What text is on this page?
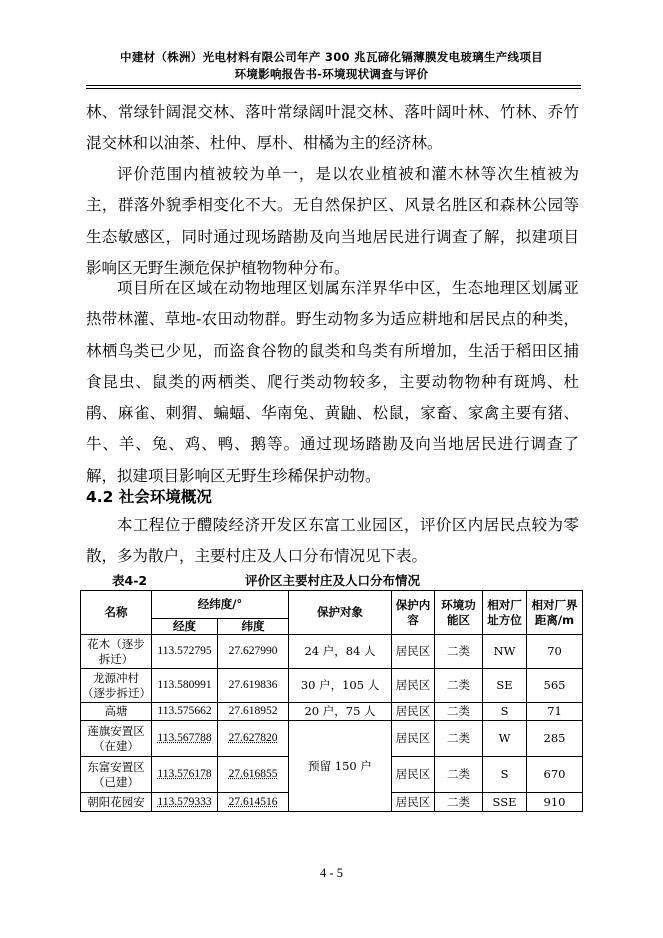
中建材（株洲）光电材料有限公司年产 300 兆瓦碲化镉薄膜发电玻璃生产线项目
环境影响报告书-环境现状调查与评价

林、常绿针阔混交林、落叶常绿阔叶混交林、落叶阔叶林、竹林、乔竹混交林和以油茶、杜仲、厚朴、柑橘为主的经济林。

评价范围内植被较为单一，是以农业植被和灌木林等次生植被为主，群落外貌季相变化不大。无自然保护区、风景名胜区和森林公园等生态敏感区，同时通过现场踏勘及向当地居民进行调查了解，拟建项目影响区无野生濒危保护植物物种分布。

项目所在区域在动物地理区划属东洋界华中区，生态地理区划属亚热带林灌、草地-农田动物群。野生动物多为适应耕地和居民点的种类，林栖鸟类已少见，而盗食谷物的鼠类和鸟类有所增加，生活于稻田区捕食昆虫、鼠类的两栖类、爬行类动物较多，主要动物物种有斑鸠、杜鹃、麻雀、刺猬、蝙蝠、华南兔、黄鼬、松鼠，家畜、家禽主要有猪、牛、羊、兔、鸡、鸭、鹅等。通过现场踏勘及向当地居民进行调查了解，拟建项目影响区无野生珍稀保护动物。

4.2 社会环境概况

本工程位于醴陵经济开发区东富工业园区，评价区内居民点较为零散，多为散户，主要村庄及人口分布情况见下表。

表4-2	评价区主要村庄及人口分布情况
名称	经纬度/°		保护对象	保护内容	环境功能区	相对厂址方位	相对厂界距离/m
	经度	纬度					
花木（逐步拆迁）	113.572795	27.627990	24 户，84 人	居民区	二类	NW	70
龙源冲村（逐步拆迁）	113.580991	27.619836	30 户，105 人	居民区	二类	SE	565
高塘	113.575662	27.618952	20 户，75 人	居民区	二类	S	71
莲旗安置区（在建）	113.567788	27.627820	预留 150 户	居民区	二类	W	285
东富安置区（已建）	113.576178	27.616855		居民区	二类	S	670
朝阳花园安	113.579333	27.614516		居民区	二类	SSE	910
4 - 5
